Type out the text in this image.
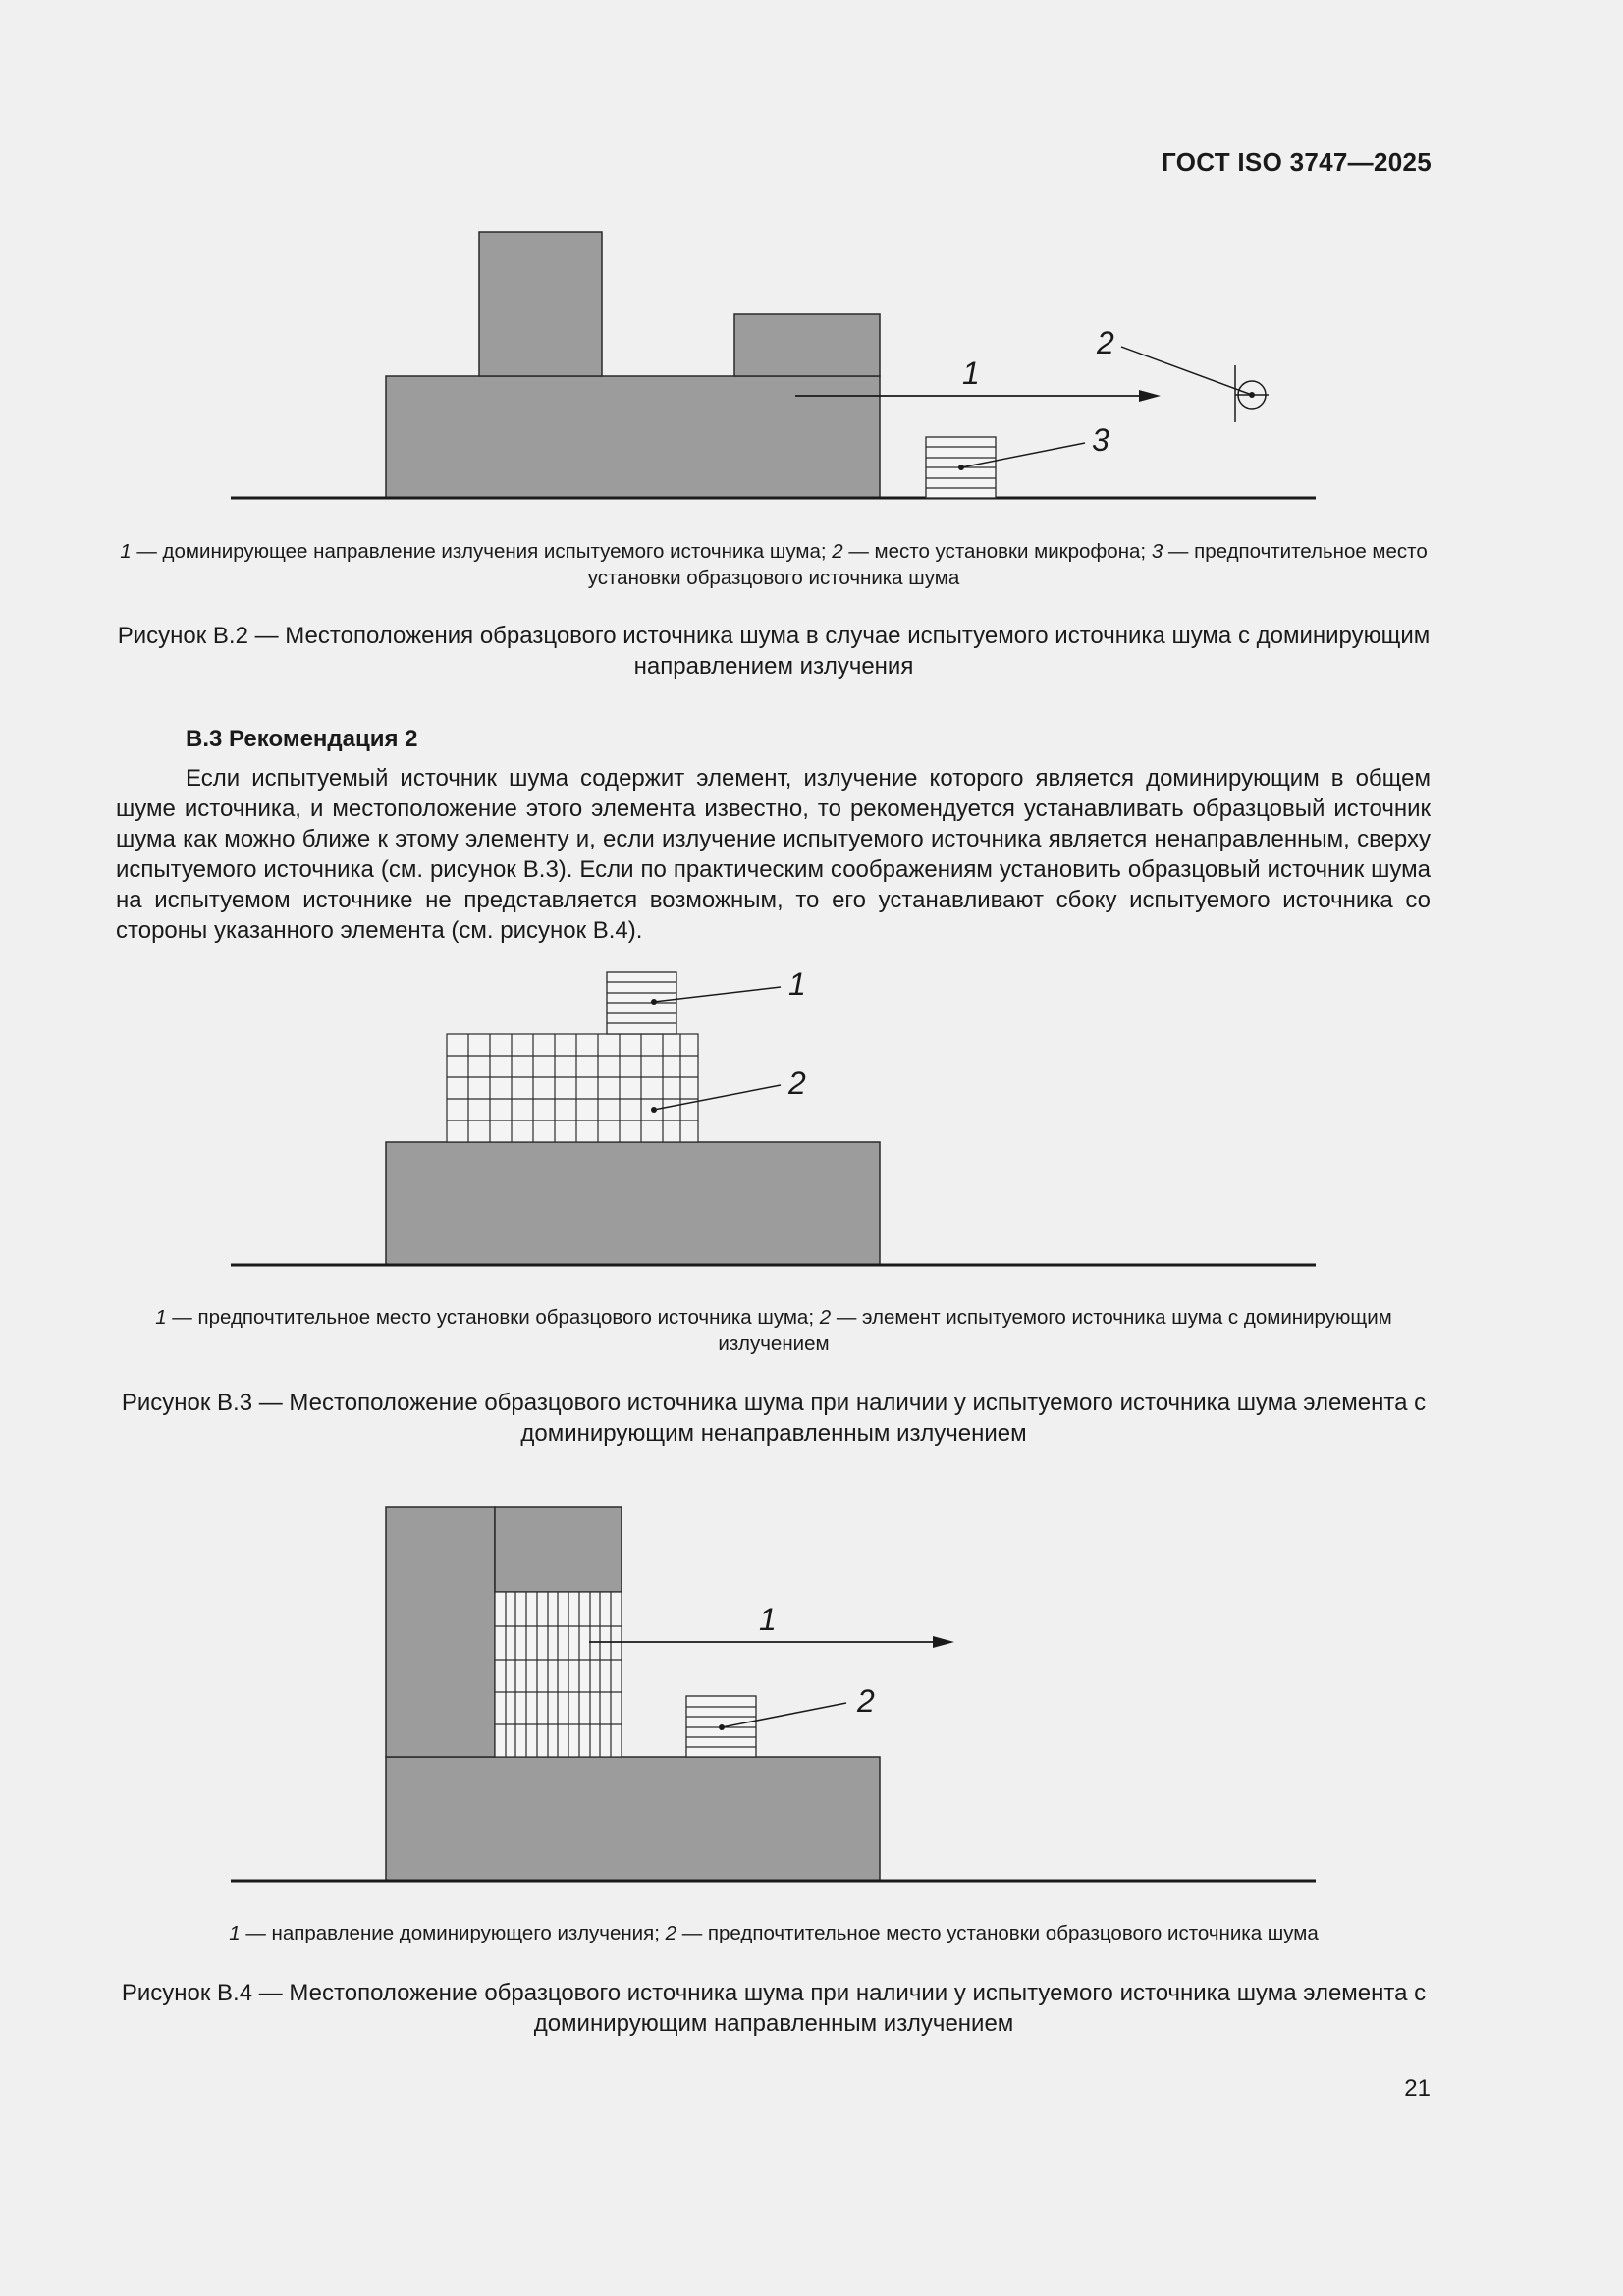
ГОСТ ISO 3747—2025
1
2
3
1 — доминирующее направление излучения испытуемого источника шума; 2 — место установки микрофона; 3 — предпочтительное место установки образцового источника шума
Рисунок В.2 — Местоположения образцового источника шума в случае испытуемого источника шума с доминирующим направлением излучения
В.3 Рекомендация 2
Если испытуемый источник шума содержит элемент, излучение которого является доминирующим в общем шуме источника, и местоположение этого элемента известно, то рекомендуется устанавливать образцовый источник шума как можно ближе к этому элементу и, если излучение испытуемого источника является ненаправленным, сверху испытуемого источника (см. рисунок В.3). Если по практическим соображениям установить образцовый источник шума на испытуемом источнике не представляется возможным, то его устанавливают сбоку испытуемого источника со стороны указанного элемента (см. рисунок В.4).
1
2
1 — предпочтительное место установки образцового источника шума; 2 — элемент испытуемого источника шума с доминирующим излучением
Рисунок В.3 — Местоположение образцового источника шума при наличии у испытуемого источника шума элемента с доминирующим ненаправленным излучением
1
2
1 — направление доминирующего излучения; 2 — предпочтительное место установки образцового источника шума
Рисунок В.4 — Местоположение образцового источника шума при наличии у испытуемого источника шума элемента с доминирующим направленным излучением
21
